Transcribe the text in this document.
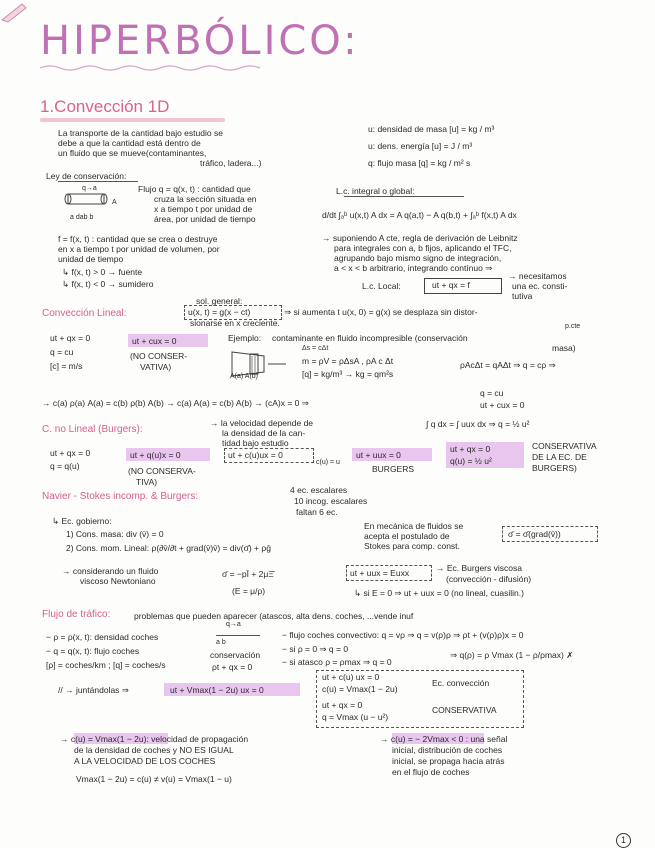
HIPERBÓLICO:
1.Convección 1D
La transporte de la cantidad bajo estudio se
debe a que la cantidad está dentro de
un fluido que se mueve(contaminantes,
tráfico, ladera...)
u: densidad de masa [u] = kg / m³
u: dens. energía [u] = J / m³
q: flujo masa [q] = kg / m² s
Ley de conservación:
q→a
A
a dab b
Flujo q = q(x, t) : cantidad que
cruza la sección situada en
x a tiempo t por unidad de
área, por unidad de tiempo
f = f(x, t) : cantidad que se crea o destruye
en x a tiempo t por unidad de volumen, por
unidad de tiempo
↳ f(x, t) > 0 → fuente
↳ f(x, t) < 0 → sumidero
L.c. integral o global:
d/dt ∫ₐᵇ u(x,t) A dx = A q(a,t) − A q(b,t) + ∫ₐᵇ f(x,t) A dx
→ suponiendo A cte, regla de derivación de Leibnitz
para integrales con a, b fijos, aplicando el TFC,
agrupando bajo mismo signo de integración,
a < x < b arbitrario, integrando contínuo ⇒
L.c. Local:	ut + qx = f
→ necesitamos
una ec. consti-
tutiva
Convección Lineal:
sol. general:
u(x, t) = g(x − ct)	⇒ si aumenta t u(x, 0) = g(x) se desplaza sin distor-
sionarse en x creciente.
ut + qx = 0
q = cu
[c] = m/s
ut + cux = 0
(NO CONSER-
VATIVA)
Ejemplo: contaminante en fluido incompresible (conservación
p.cte
masa)
A(a) A(b)
Δs = cΔt
m = ρV = ρΔsA , ρA c Δt
[q] = kg/m³ → kg = qm²s
ρAcΔt = qAΔt ⇒ q = cρ ⇒
→ c(a) ρ(a) A(a) = c(b) ρ(b) A(b) → c(a) A(a) = c(b) A(b) → (cA)x = 0 ⇒
q = cu
ut + cux = 0
C. no Lineal (Burgers):
→ la velocidad depende de
la densidad de la can-
tidad bajo estudio
∫ q dx = ∫ uux dx ⇒ q = ½ u²
ut + qx = 0
q = q(u)
ut + q(u)x = 0	ut + c(u)ux = 0
c(u) = u
ut + uux = 0
BURGERS
(NO CONSERVA-
TIVA)
ut + qx = 0
q(u) = ½ u²
CONSERVATIVA
DE LA EC. DE
BURGERS)
Navier - Stokes incomp. & Burgers:
4 ec. escalares
10 incog. escalares
faltan 6 ec.
↳ Ec. gobierno:
1) Cons. masa: div (v̄) = 0
2) Cons. mom. Lineal: ρ(∂v̄/∂t + grad(v̄)v̄) = div(σ̄) + ρḡ
En mecánica de fluidos se
acepta el postulado de
Stokes para comp. const.
σ̄ = σ̄(grad(v̄))
→ considerando un fluido
viscoso Newtoniano
σ̄ = −pĪ + 2μΞ̄
(E = μ/ρ)
ut + uux = Euxx	→ Ec. Burgers viscosa
(convección - difusión)
↳ si E = 0 ⇒ ut + uux = 0 (no lineal, cuasilin.)
Flujo de tráfico:	problemas que pueden aparecer (atascos, alta dens. coches, ...vende inuf
− ρ = ρ(x, t): densidad coches
− q = q(x, t): flujo coches
[ρ] = coches/km ; [q] = coches/s
q→a
a b
conservación
ρt + qx = 0
− flujo coches convectivo: q = vρ ⇒ q = v(ρ)ρ ⇒ ρt + (v(ρ)ρ)x = 0
− si ρ = 0 ⇒ q = 0
− si atasco ρ = ρmax ⇒ q = 0
⇒ q(ρ) = ρ Vmax (1 − ρ/ρmax) ✗
// → juntándolas ⇒	ut + Vmax(1 − 2u) ux = 0
ut + c(u) ux = 0
c(u) = Vmax(1 − 2u)
ut + qx = 0
q = Vmax (u − u²)
Ec. convección
CONSERVATIVA
→ c(u) = Vmax(1 − 2u): velocidad de propagación
de la densidad de coches y NO ES IGUAL
A LA VELOCIDAD DE LOS COCHES
Vmax(1 − 2u) = c(u) ≠ v(u) = Vmax(1 − u)
→ c(u) = − 2Vmax < 0 : una señal
inicial, distribución de coches
inicial, se propaga hacia atrás
en el flujo de coches
1
